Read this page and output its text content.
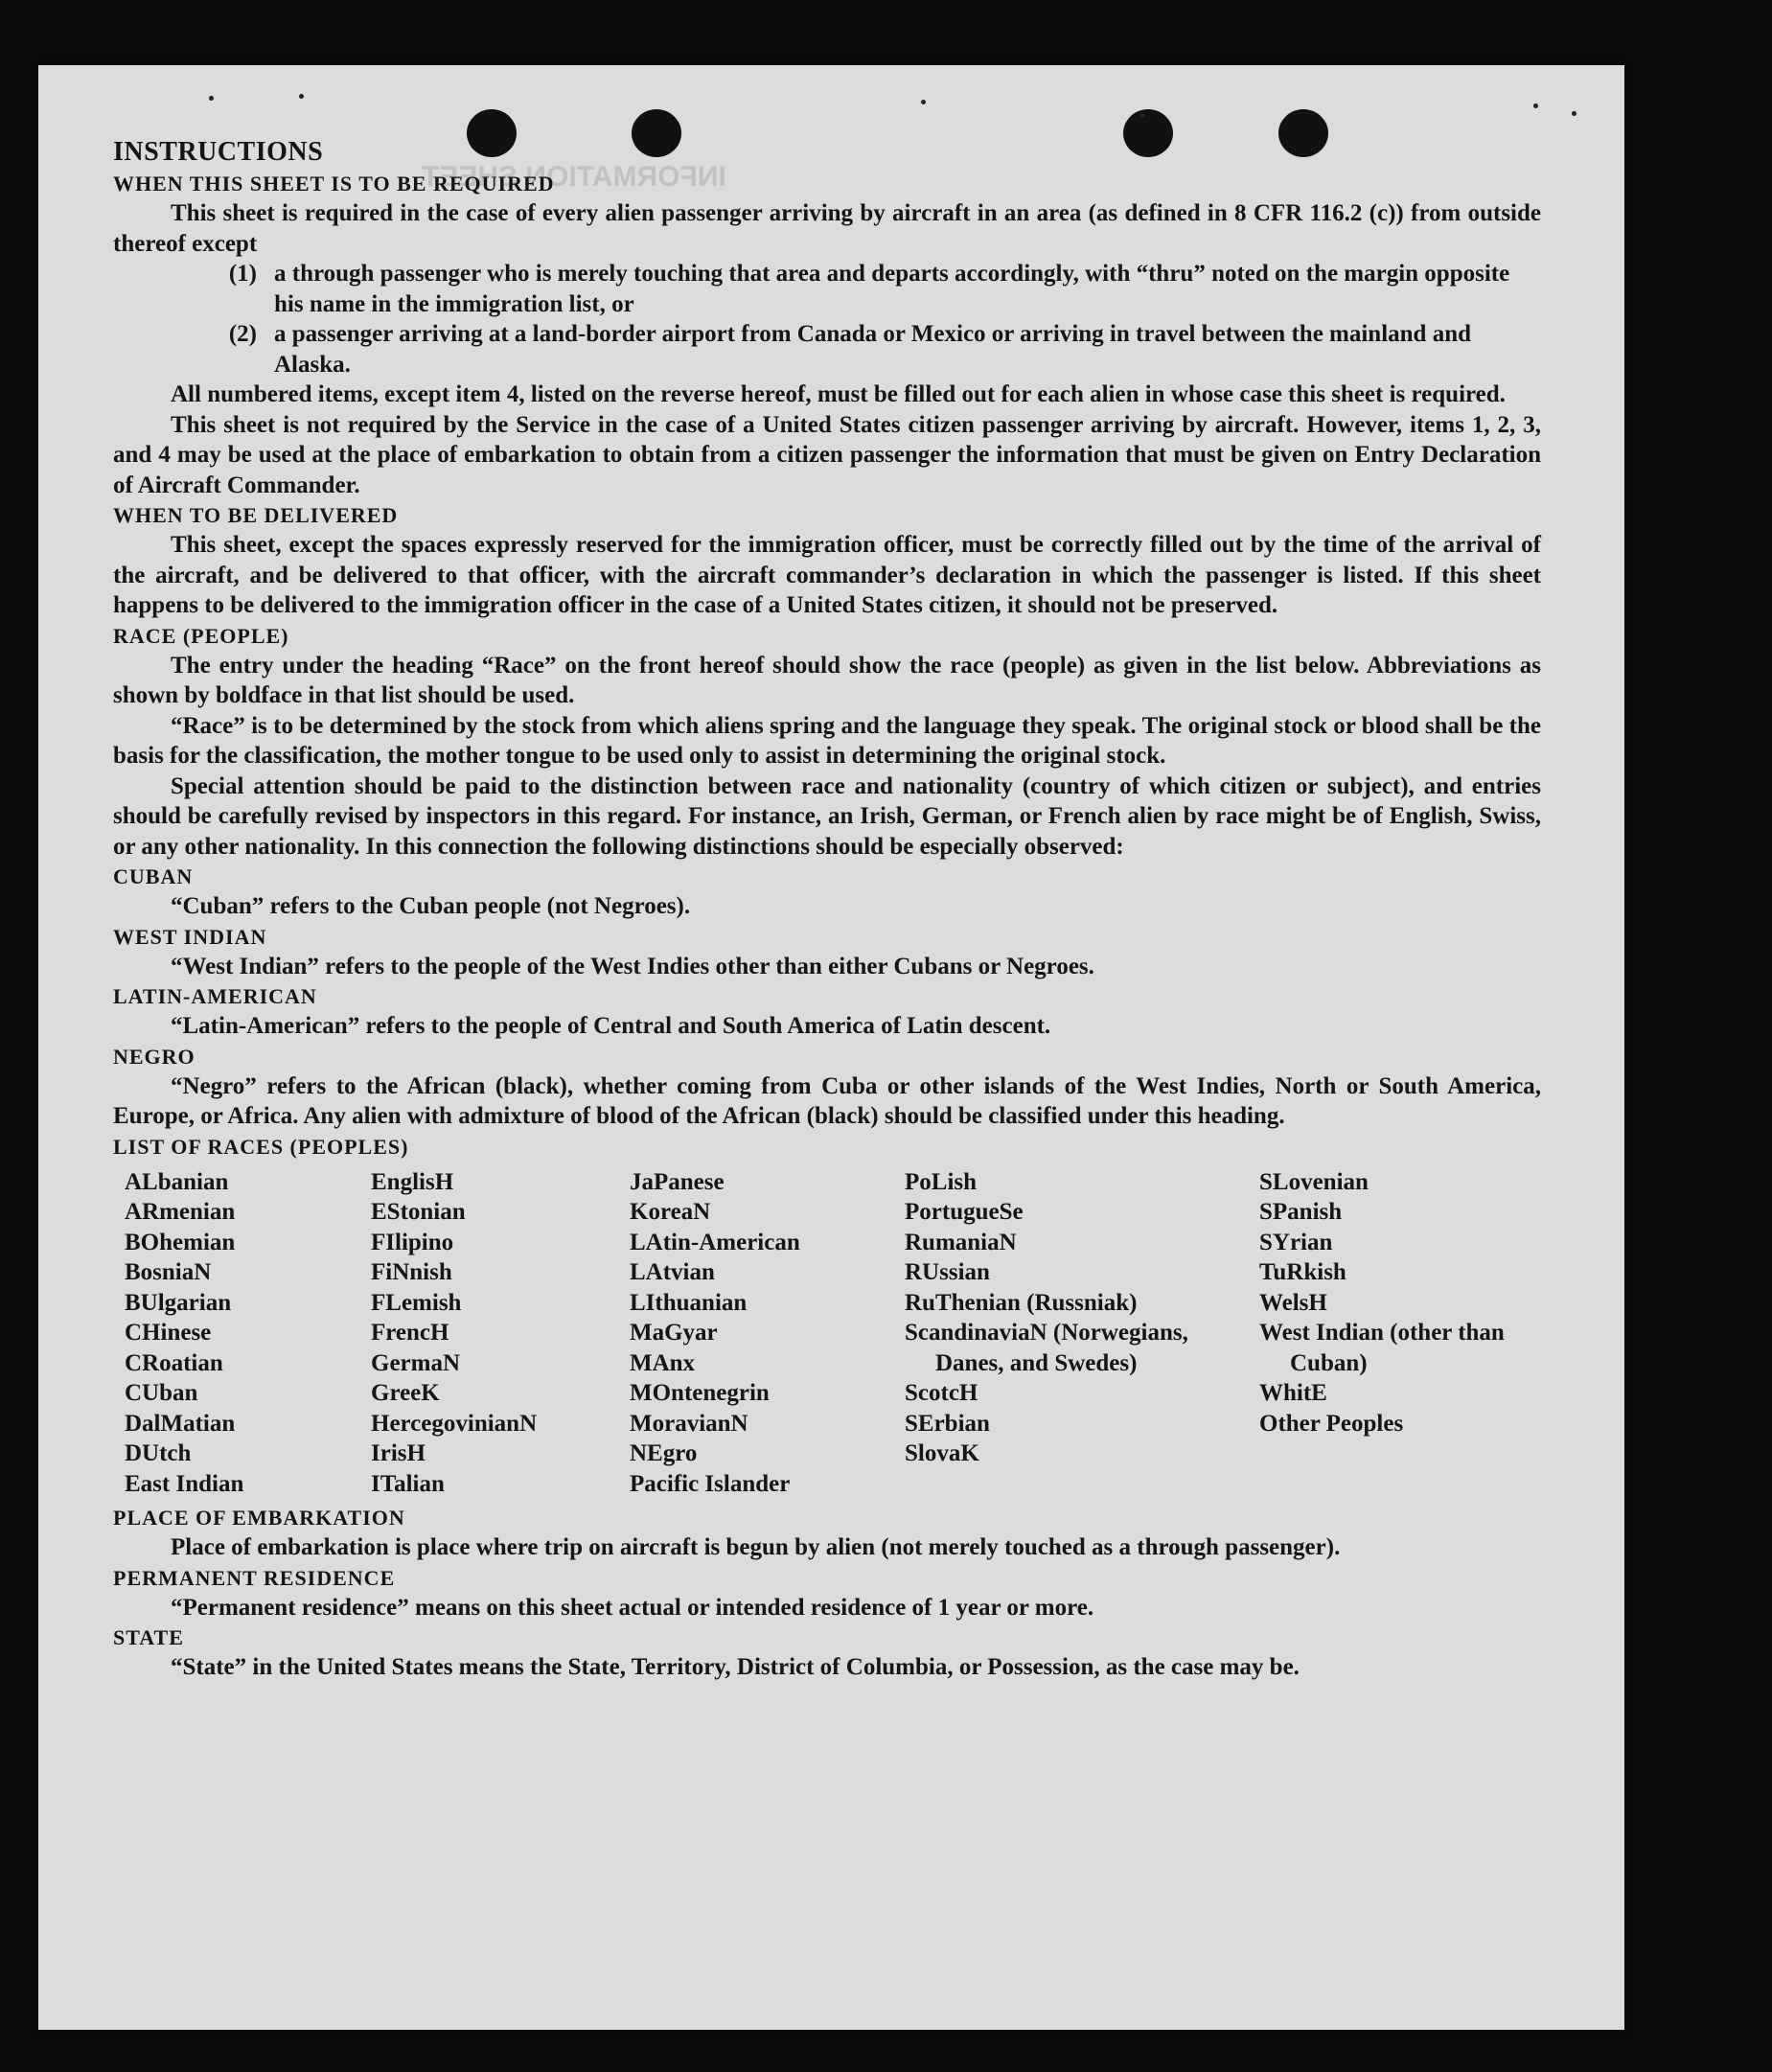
INFORMATION SHEET

INSTRUCTIONS

WHEN THIS SHEET IS TO BE REQUIRED

This sheet is required in the case of every alien passenger arriving by aircraft in an area (as defined in 8 CFR 116.2 (c)) from outside thereof except

(1) a through passenger who is merely touching that area and departs accordingly, with “thru” noted on the margin opposite his name in the immigration list, or
(2) a passenger arriving at a land-border airport from Canada or Mexico or arriving in travel between the mainland and Alaska.

All numbered items, except item 4, listed on the reverse hereof, must be filled out for each alien in whose case this sheet is required.

This sheet is not required by the Service in the case of a United States citizen passenger arriving by aircraft. However, items 1, 2, 3, and 4 may be used at the place of embarkation to obtain from a citizen passenger the information that must be given on Entry Declaration of Aircraft Commander.

WHEN TO BE DELIVERED

This sheet, except the spaces expressly reserved for the immigration officer, must be correctly filled out by the time of the arrival of the aircraft, and be delivered to that officer, with the aircraft commander’s declaration in which the passenger is listed. If this sheet happens to be delivered to the immigration officer in the case of a United States citizen, it should not be preserved.

RACE (PEOPLE)

The entry under the heading “Race” on the front hereof should show the race (people) as given in the list below. Abbreviations as shown by boldface in that list should be used.

“Race” is to be determined by the stock from which aliens spring and the language they speak. The original stock or blood shall be the basis for the classification, the mother tongue to be used only to assist in determining the original stock.

Special attention should be paid to the distinction between race and nationality (country of which citizen or subject), and entries should be carefully revised by inspectors in this regard. For instance, an Irish, German, or French alien by race might be of English, Swiss, or any other nationality. In this connection the following distinctions should be especially observed:

CUBAN

“Cuban” refers to the Cuban people (not Negroes).

WEST INDIAN

“West Indian” refers to the people of the West Indies other than either Cubans or Negroes.

LATIN-AMERICAN

“Latin-American” refers to the people of Central and South America of Latin descent.

NEGRO

“Negro” refers to the African (black), whether coming from Cuba or other islands of the West Indies, North or South America, Europe, or Africa. Any alien with admixture of blood of the African (black) should be classified under this heading.

LIST OF RACES (PEOPLES)

ALbanian
ARmenian
BOhemian
BosniaN
BUlgarian
CHinese
CRoatian
CUban
DalMatian
DUtch
East Indian
EnglisH
EStonian
FIlipino
FiNnish
FLemish
FrencH
GermaN
GreeK
HercegovinianN
IrisH
ITalian
JaPanese
KoreaN
LAtin-American
LAtvian
LIthuanian
MaGyar
MAnx
MOntenegrin
MoravianN
NEgro
Pacific Islander
PoLish
PortugueSe
RumaniaN
RUssian
RuThenian (Russniak)
ScandinaviaN (Norwegians, Danes, and Swedes)
ScotcH
SErbian
SlovaK
SLovenian
SPanish
SYrian
TuRkish
WelsH
West Indian (other than Cuban)
WhitE
Other Peoples

PLACE OF EMBARKATION

Place of embarkation is place where trip on aircraft is begun by alien (not merely touched as a through passenger).

PERMANENT RESIDENCE

“Permanent residence” means on this sheet actual or intended residence of 1 year or more.

STATE

“State” in the United States means the State, Territory, District of Columbia, or Possession, as the case may be.
